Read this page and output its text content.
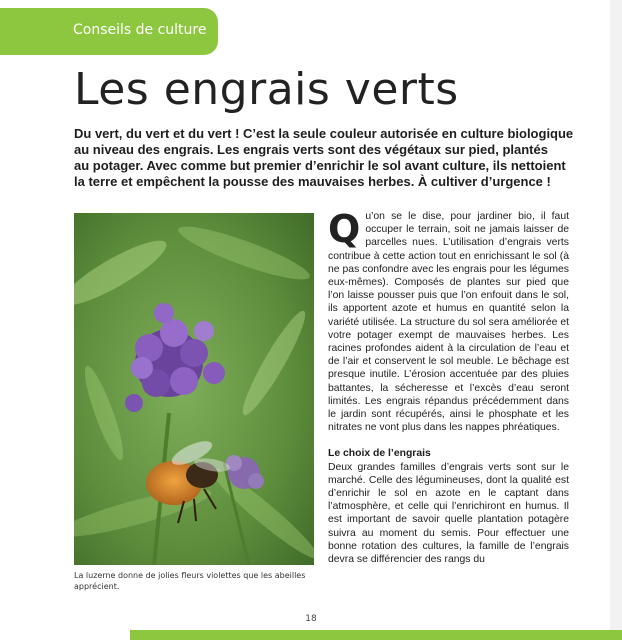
Conseils de culture
Les engrais verts
Du vert, du vert et du vert ! C’est la seule couleur autorisée en culture biologique
au niveau des engrais. Les engrais verts sont des végétaux sur pied, plantés
au potager. Avec comme but premier d’enrichir le sol avant culture, ils nettoient
la terre et empêchent la pousse des mauvaises herbes. À cultiver d’urgence !
La luzerne donne de jolies fleurs violettes que les abeilles apprécient.

Qu’on se le dise, pour jardiner bio, il faut occuper le terrain, soit ne jamais laisser de parcelles nues. L’utilisation d’engrais verts contribue à cette action tout en enrichissant le sol (à ne pas confondre avec les engrais pour les légumes eux-mêmes). Composés de plantes sur pied que l’on laisse pousser puis que l’on enfouit dans le sol, ils apportent azote et humus en quantité selon la variété utilisée. La structure du sol sera améliorée et votre potager exempt de mauvaises herbes. Les racines profondes aident à la circulation de l’eau et de l’air et conservent le sol meuble. Le bêchage est presque inutile. L’érosion accentuée par des pluies battantes, la sécheresse et l’excès d’eau seront limités. Les engrais répandus précédemment dans le jardin sont récupérés, ainsi le phosphate et les nitrates ne vont plus dans les nappes phréatiques.

Le choix de l’engrais

Deux grandes familles d’engrais verts sont sur le marché. Celle des légumineuses, dont la qualité est d’enrichir le sol en azote en le captant dans l’atmosphère, et celle qui l’enrichiront en humus. Il est important de savoir quelle plantation potagère suivra au moment du semis. Pour effectuer une bonne rotation des cultures, la famille de l’engrais devra se différencier des rangs du

18
